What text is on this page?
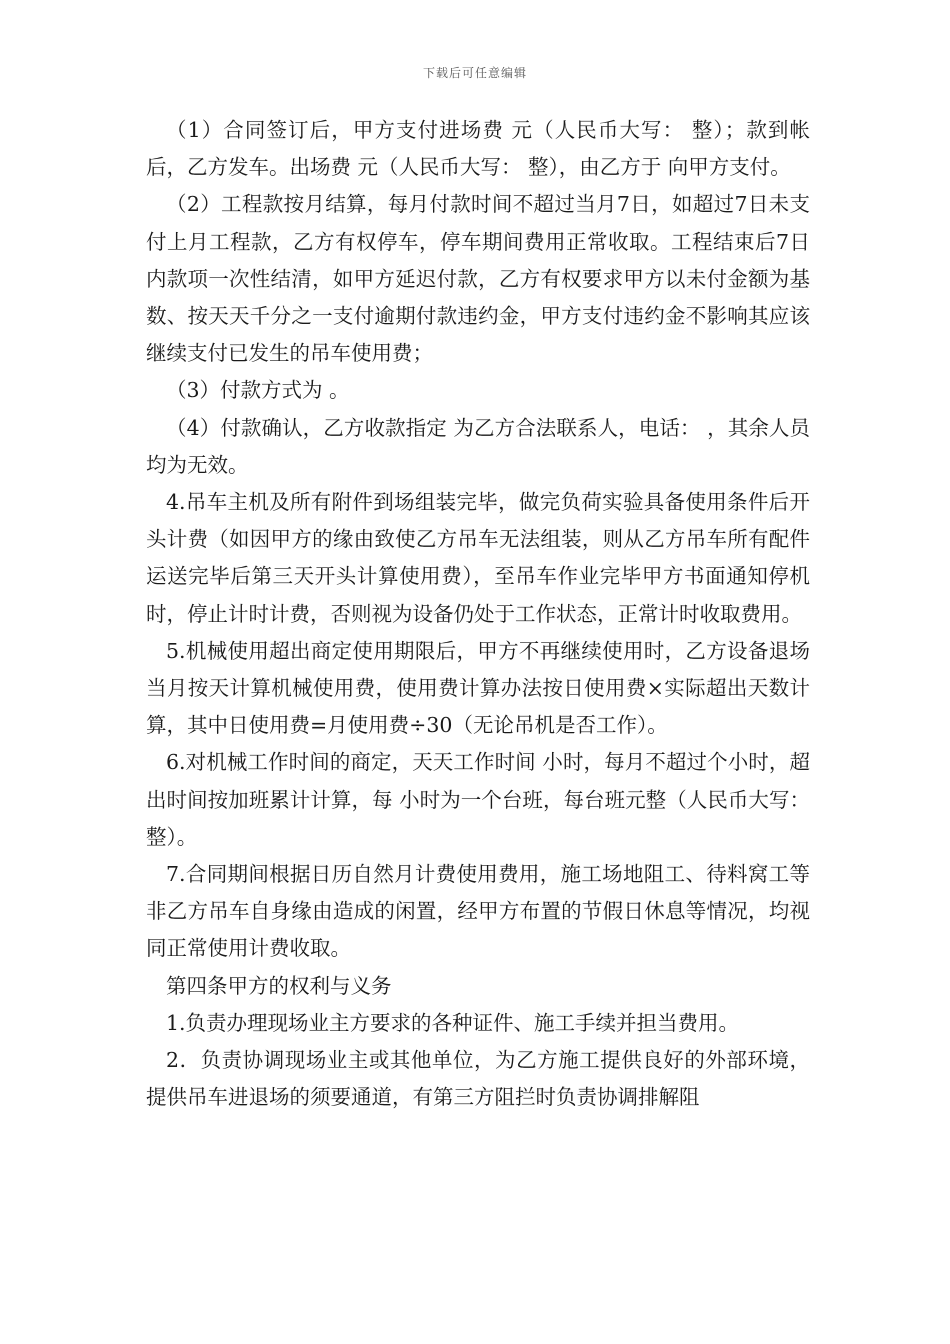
下载后可任意编辑

（1）合同签订后，甲方支付进场费 元（人民币大写： 整）；款到帐后，乙方发车。出场费 元（人民币大写： 整），由乙方于 向甲方支付。

（2）工程款按月结算，每月付款时间不超过当月7日，如超过7日未支付上月工程款，乙方有权停车，停车期间费用正常收取。工程结束后7日内款项一次性结清，如甲方延迟付款，乙方有权要求甲方以未付金额为基数、按天天千分之一支付逾期付款违约金，甲方支付违约金不影响其应该继续支付已发生的吊车使用费；

（3）付款方式为 。

（4）付款确认，乙方收款指定 为乙方合法联系人，电话： ，其余人员均为无效。

4.吊车主机及所有附件到场组装完毕，做完负荷实验具备使用条件后开头计费（如因甲方的缘由致使乙方吊车无法组装，则从乙方吊车所有配件运送完毕后第三天开头计算使用费），至吊车作业完毕甲方书面通知停机时，停止计时计费，否则视为设备仍处于工作状态，正常计时收取费用。

5.机械使用超出商定使用期限后，甲方不再继续使用时，乙方设备退场当月按天计算机械使用费，使用费计算办法按日使用费×实际超出天数计算，其中日使用费=月使用费÷30（无论吊机是否工作）。

6.对机械工作时间的商定，天天工作时间 小时，每月不超过个小时，超出时间按加班累计计算，每 小时为一个台班，每台班元整（人民币大写： 整）。

7.合同期间根据日历自然月计费使用费用，施工场地阻工、待料窝工等非乙方吊车自身缘由造成的闲置，经甲方布置的节假日休息等情况，均视同正常使用计费收取。

第四条甲方的权利与义务

1.负责办理现场业主方要求的各种证件、施工手续并担当费用。

2．负责协调现场业主或其他单位，为乙方施工提供良好的外部环境，提供吊车进退场的须要通道，有第三方阻拦时负责协调排解阻
